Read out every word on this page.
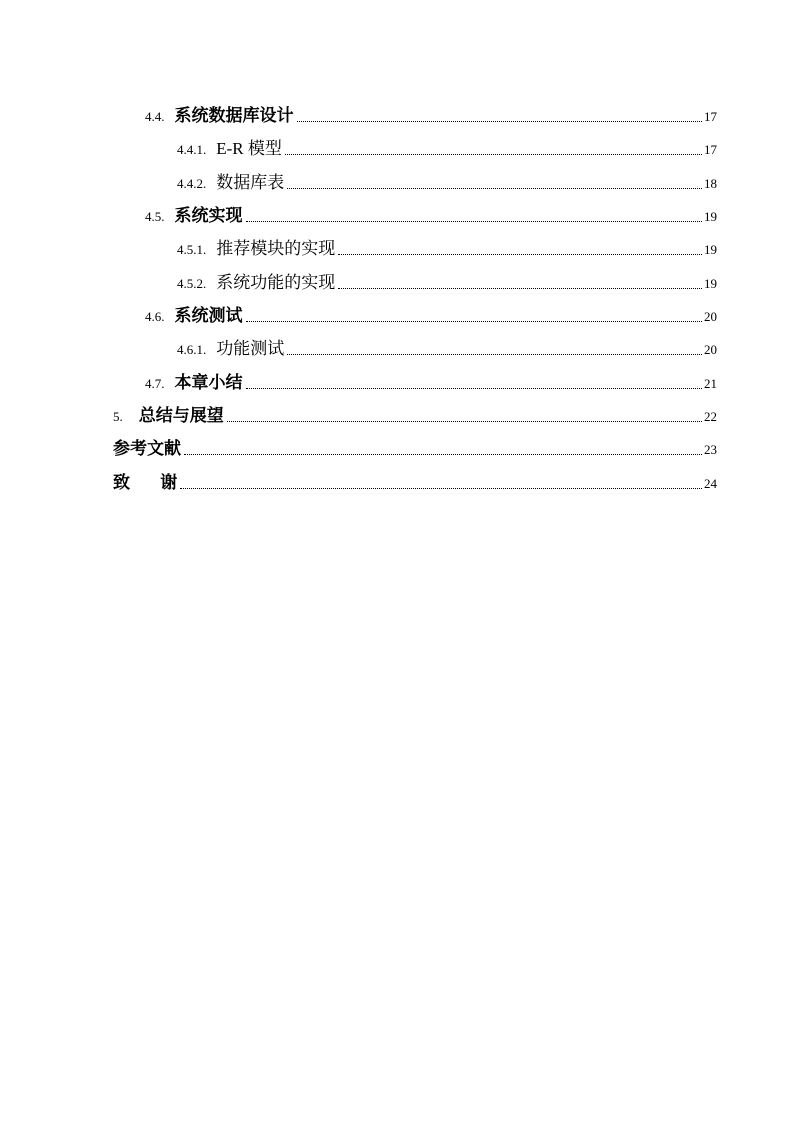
4.4. 系统数据库设计	17
4.4.1. E-R 模型	17
4.4.2. 数据库表	18
4.5. 系统实现	19
4.5.1. 推荐模块的实现	19
4.5.2. 系统功能的实现	19
4.6. 系统测试	20
4.6.1. 功能测试	20
4.7. 本章小结	21
5. 总结与展望	22
参考文献	23
致 谢	24
